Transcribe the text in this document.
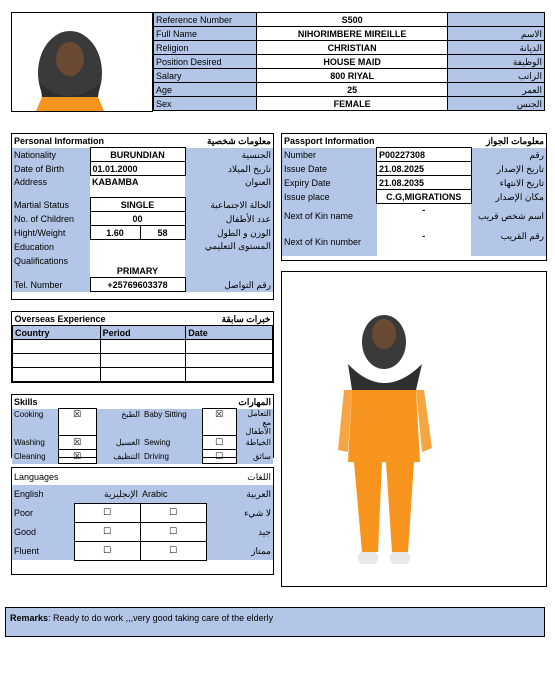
Reference Number	S500	
Full Name	NIHORIMBERE MIREILLE	الاسم
Religion	CHRISTIAN	الديانة
Position Desired	HOUSE MAID	الوظيفة
Salary	800 RIYAL	الراتب
Age	25	العمر
Sex	FEMALE	الجنس
Personal Information		معلومات شخصية	
Nationality	BURUNDIAN		الجنسية
Date of Birth	01.01.2000		تاريخ الميلاد
Address	KABAMBA		العنوان
Martial Status	SINGLE		الحالة الاجتماعية
No. of Children	00		عدد الأطفال
Hight/Weight	1.60	58	الوزن و الطول
Education Qualifications	PRIMARY		المستوى التعليمي
Tel. Number	+25769603378		رقم التواصل
Passport Information		معلومات الجواز
Number	P00227308	رقم
Issue Date	21.08.2025	تاريخ الإصدار
Expiry Date	21.08.2035	تاريخ الانتهاء
Issue place	C.G,MIGRATIONS	مكان الإصدار
Next of Kin name	-	اسم شخص قريب
Next of Kin number	-	رقم القريب
Overseas Experience		خبرات سابقة
Country	Period	Date

Skills			المهارات		
Cooking	☒	الطبخ	Baby Sitting	☒	التعامل مع الأطفال
Washing	☒	الغسيل	Sewing	☐	الخياطة
Cleaning	☒	التنظيف	Driving	☐	سائق
Languages		اللغات	
English	الإنجليزية	Arabic	العربية
Poor	☐	☐	لا شيء
Good	☐	☐	جيد
Fluent	☐	☐	ممتاز
Remarks: Ready to do work ,,,very good taking care of the elderly
